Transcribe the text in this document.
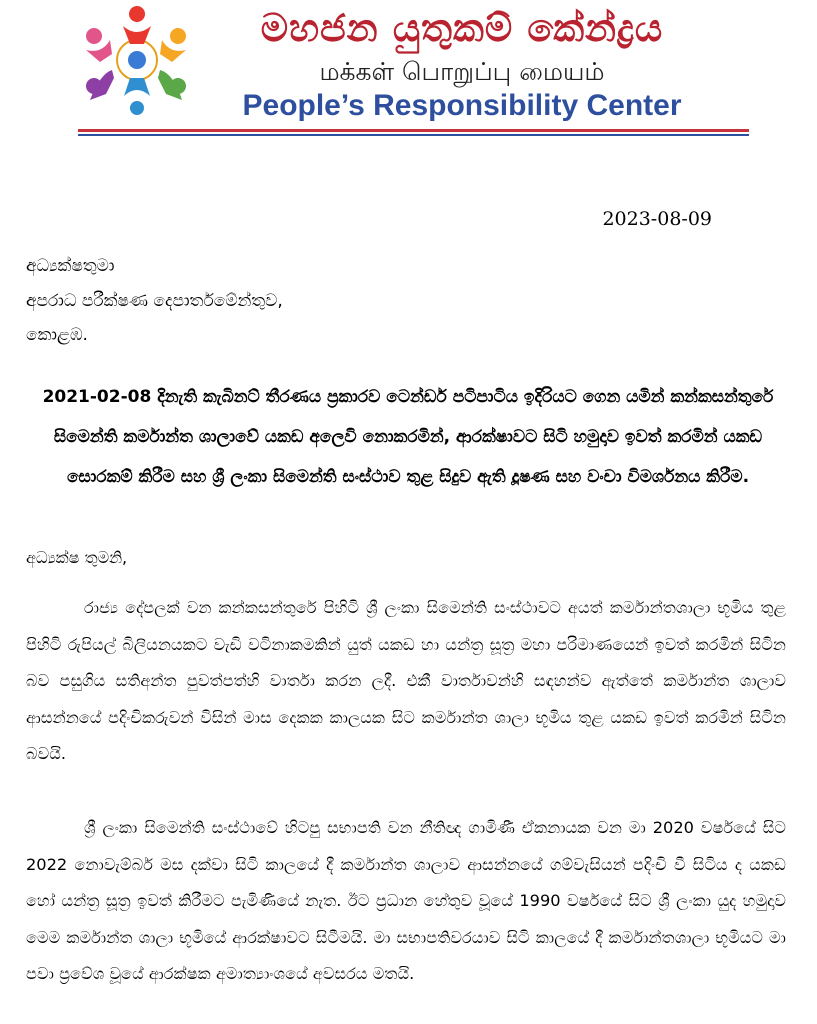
මහජන යුතුකම් කේන්ද්‍රය
மக்கள் பொறுப்பு மையம்
People’s Responsibility Center
2023-08-09
අධ්‍යක්ෂතුමා
අපරාධ පරීක්ෂණ දෙපාර්තමේන්තුව,
කොළඹ.
2021-02-08 දිනැති කැබිනට් තීරණය ප්‍රකාරව ටෙන්ඩර් පටිපාටිය ඉදිරියට ගෙන යමින් කන්කසන්තුරේ සිමෙන්ති කර්මාන්ත ශාලාවේ යකඩ අලෙවි නොකරමින්, ආරක්ෂාවට සිටි හමුදාව ඉවත් කරමින් යකඩ සොරකම් කිරීම සහ ශ්‍රී ලංකා සිමෙන්ති සංස්ථාව තුළ සිදුව ඇති දූෂණ සහ වංචා විමර්ශනය කිරීම.
අධ්‍යක්ෂ තුමනි,

රාජ්‍ය දේපලක් වන කන්කසන්තුරේ පිහිටි ශ්‍රී ලංකා සිමෙන්ති සංස්ථාවට අයත් කර්මාන්තශාලා භූමිය තුළ පිහිටි රුපියල් බිලියනයකට වැඩි වටිනාකමකින් යුත් යකඩ හා යන්ත්‍ර සූත්‍ර මහා පරිමාණයෙන් ඉවත් කරමින් සිටින බව පසුගිය සතිඅන්ත පුවත්පත්හි වාර්තා කරන ලදී. එකී වාර්තාවන්හි සඳහන්ව ඇත්තේ කර්මාන්ත ශාලාව ආසන්නයේ පදිංචිකරුවන් විසින් මාස දෙකක කාලයක සිට කර්මාන්ත ශාලා භූමිය තුළ යකඩ ඉවත් කරමින් සිටින බවයි.

ශ්‍රී ලංකා සිමෙන්ති සංස්ථාවේ හිටපු සභාපති වන නීතිඥ ගාමිණී ඒකනායක වන මා 2020 වර්ෂයේ සිට 2022 නොවැම්බර් මස දක්වා සිටි කාලයේ දී කර්මාන්ත ශාලාව ආසන්නයේ ගම්වැසියන් පදිංචි වී සිටිය ද යකඩ හෝ යන්ත්‍ර සූත්‍ර ඉවත් කිරීමට පැමිණියේ නැත. ඊට ප්‍රධාන හේතුව වූයේ 1990 වර්ෂයේ සිට ශ්‍රී ලංකා යුද හමුදාව මෙම කර්මාන්ත ශාලා භූමියේ ආරක්ෂාවට සිටීමයි. මා සභාපතිවරයාව සිටි කාලයේ දී කර්මාන්තශාලා භූමියට මා පවා ප්‍රවේශ වූයේ ආරක්ෂක අමාත්‍යාංශයේ අවසරය මතයි.
